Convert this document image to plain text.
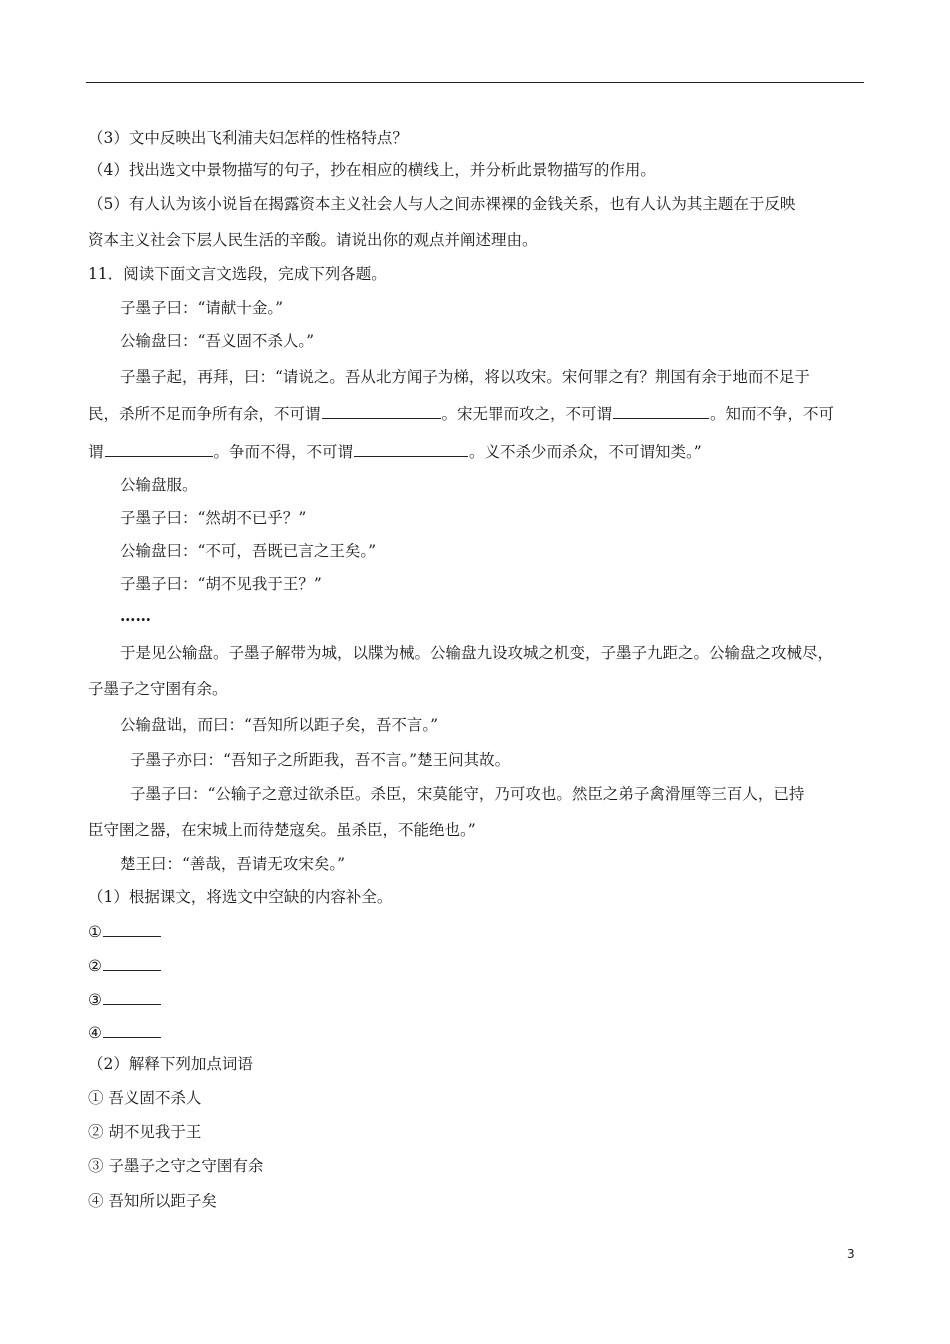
（3）文中反映出飞利浦夫妇怎样的性格特点？
（4）找出选文中景物描写的句子，抄在相应的横线上，并分析此景物描写的作用。
（5）有人认为该小说旨在揭露资本主义社会人与人之间赤裸裸的金钱关系，也有人认为其主题在于反映
资本主义社会下层人民生活的辛酸。请说出你的观点并阐述理由。
11．阅读下面文言文选段，完成下列各题。
子墨子曰：“请献十金。”
公输盘曰：“吾义固不杀人。”
子墨子起，再拜，曰：“请说之。吾从北方闻子为梯，将以攻宋。宋何罪之有？荆国有余于地而不足于
民，杀所不足而争所有余，不可谓	。宋无罪而攻之，不可谓	。知而不争，不可
谓	。争而不得，不可谓	。义不杀少而杀众，不可谓知类。”
公输盘服。
子墨子曰：“然胡不已乎？”
公输盘曰：“不可，吾既已言之王矣。”
子墨子曰：“胡不见我于王？”
……
于是见公输盘。子墨子解带为城，以牒为械。公输盘九设攻城之机变，子墨子九距之。公输盘之攻械尽，
子墨子之守圉有余。
公输盘诎，而曰：“吾知所以距子矣，吾不言。”
子墨子亦曰：“吾知子之所距我，吾不言。”楚王问其故。
子墨子曰：“公输子之意过欲杀臣。杀臣，宋莫能守，乃可攻也。然臣之弟子禽滑厘等三百人，已持
臣守圉之器，在宋城上而待楚寇矣。虽杀臣，不能绝也。”
楚王曰：“善哉，吾请无攻宋矣。”
（1）根据课文，将选文中空缺的内容补全。
①
②
③
④
（2）解释下列加点词语
① 吾义固不杀人
② 胡不见我于王
③ 子墨子之守之守圉有余
④ 吾知所以距子矣
3
